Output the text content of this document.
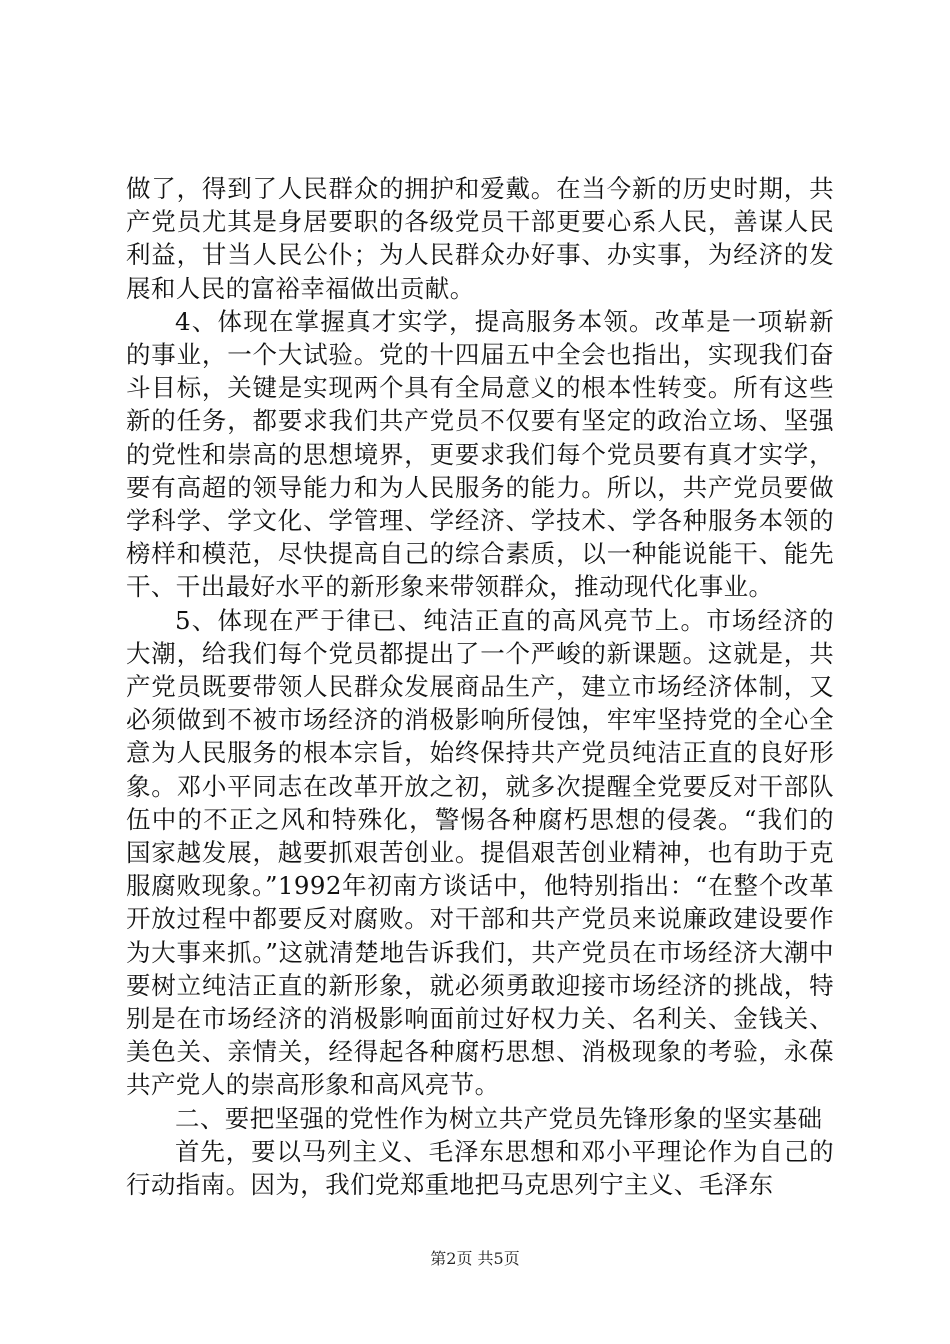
做了，得到了人民群众的拥护和爱戴。在当今新的历史时期，共产党员尤其是身居要职的各级党员干部更要心系人民，善谋人民利益，甘当人民公仆；为人民群众办好事、办实事，为经济的发展和人民的富裕幸福做出贡献。

4、体现在掌握真才实学，提高服务本领。改革是一项崭新的事业，一个大试验。党的十四届五中全会也指出，实现我们奋斗目标，关键是实现两个具有全局意义的根本性转变。所有这些新的任务，都要求我们共产党员不仅要有坚定的政治立场、坚强的党性和崇高的思想境界，更要求我们每个党员要有真才实学，要有高超的领导能力和为人民服务的能力。所以，共产党员要做学科学、学文化、学管理、学经济、学技术、学各种服务本领的榜样和模范，尽快提高自己的综合素质，以一种能说能干、能先干、干出最好水平的新形象来带领群众，推动现代化事业。

5、体现在严于律已、纯洁正直的高风亮节上。市场经济的大潮，给我们每个党员都提出了一个严峻的新课题。这就是，共产党员既要带领人民群众发展商品生产，建立市场经济体制，又必须做到不被市场经济的消极影响所侵蚀，牢牢坚持党的全心全意为人民服务的根本宗旨，始终保持共产党员纯洁正直的良好形象。邓小平同志在改革开放之初，就多次提醒全党要反对干部队伍中的不正之风和特殊化，警惕各种腐朽思想的侵袭。“我们的国家越发展，越要抓艰苦创业。提倡艰苦创业精神，也有助于克服腐败现象。”1992年初南方谈话中，他特别指出：“在整个改革开放过程中都要反对腐败。对干部和共产党员来说廉政建设要作为大事来抓。”这就清楚地告诉我们，共产党员在市场经济大潮中要树立纯洁正直的新形象，就必须勇敢迎接市场经济的挑战，特别是在市场经济的消极影响面前过好权力关、名利关、金钱关、美色关、亲情关，经得起各种腐朽思想、消极现象的考验，永葆共产党人的崇高形象和高风亮节。

二、要把坚强的党性作为树立共产党员先锋形象的坚实基础

首先，要以马列主义、毛泽东思想和邓小平理论作为自己的行动指南。因为，我们党郑重地把马克思列宁主义、毛泽东

第2页 共5页
